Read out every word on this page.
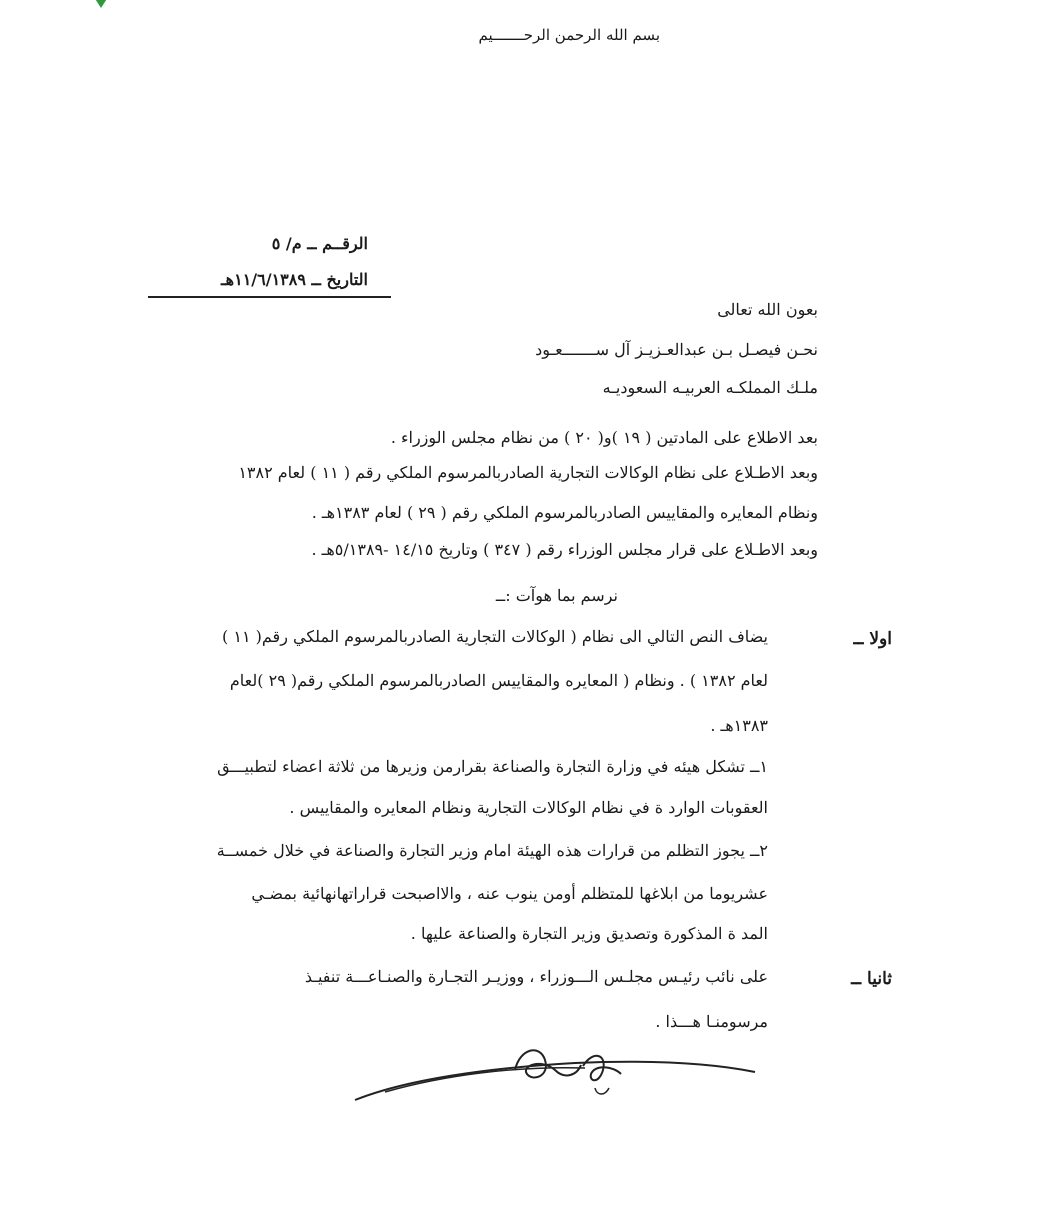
بسم الله الرحمن الرحـــــــيم
الرقــم ــ م/ ٥
التاريخ ــ ١١/٦/١٣٨٩هـ
بعون الله تعالى
نحـن فيصـل بـن عبدالعـزيـز آل ســـــــعـود
ملـك المملكـه العربيـه السعوديـه
بعد الاطلاع على المادتين ( ١٩ )و( ٢٠ ) من نظام مجلس الوزراء .
وبعد الاطـلاع على نظام الوكالات التجارية الصادربالمرسوم الملكي رقم ( ١١ ) لعام ١٣٨٢
ونظام المعايره والمقاييس الصادربالمرسوم الملكي رقم ( ٢٩ ) لعام ١٣٨٣هـ .
وبعد الاطـلاع على قرار مجلس الوزراء رقم ( ٣٤٧ ) وتاريخ ١٤/١٥ -٥/١٣٨٩هـ .
نرسم بما هوآت :ــ
اولا ــ
يضاف النص التالي الى نظام ( الوكالات التجارية الصادربالمرسوم الملكي رقم( ١١ )
لعام ١٣٨٢ ) . ونظام ( المعايره والمقاييس الصادربالمرسوم الملكي رقم( ٢٩ )لعام
١٣٨٣هـ .
١ــ تشكل هيئه في وزارة التجارة والصناعة بقرارمن وزيرها من ثلاثة اعضاء لتطبيـــق
العقوبات الوارد ة في نظام الوكالات التجارية ونظام المعايره والمقاييس .
٢ــ يجوز التظلم من قرارات هذه الهيئة امام وزير التجارة والصناعة في خلال خمســة
عشريوما من ابلاغها للمتظلم أومن ينوب عنه ، والااصبحت قراراتهانهائية بمضـي
المد ة المذكورة وتصديق وزير التجارة والصناعة عليها .
ثانيا ــ
على نائب رئيـس مجلـس الـــوزراء ، ووزيـر التجـارة والصنـاعـــة تنفيـذ
مرسومنـا هـــذا .
